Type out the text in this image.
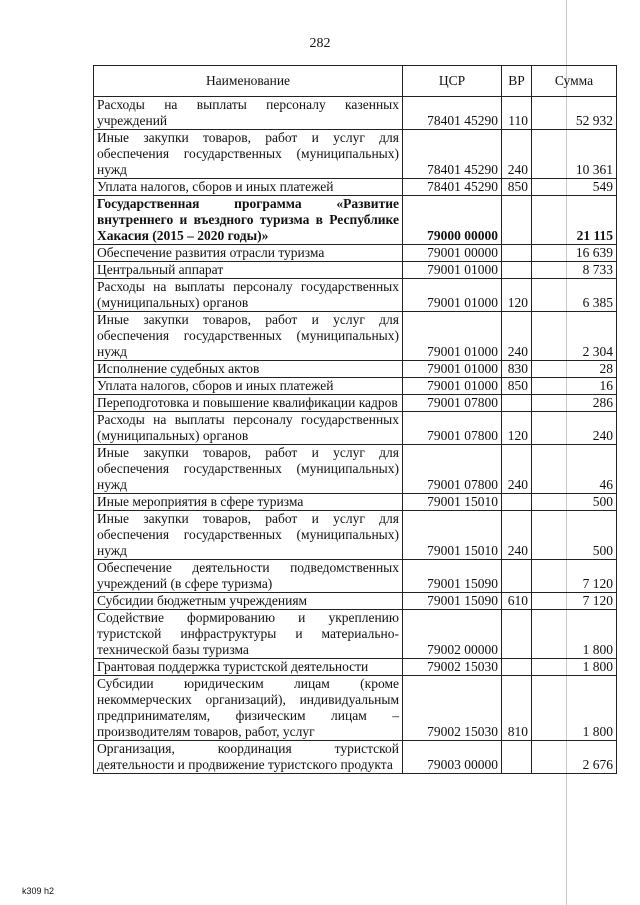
282
Наименование	ЦСР	ВР	Сумма
Расходы на выплаты персоналу казенных учреждений	78401 45290	110	52 932
Иные закупки товаров, работ и услуг для обеспечения государственных (муниципальных) нужд	78401 45290	240	10 361
Уплата налогов, сборов и иных платежей	78401 45290	850	549
Государственная программа «Развитие внутреннего и въездного туризма в Республике Хакасия (2015 – 2020 годы)»	79000 00000		21 115
Обеспечение развития отрасли туризма	79001 00000		16 639
Центральный аппарат	79001 01000		8 733
Расходы на выплаты персоналу государственных (муниципальных) органов	79001 01000	120	6 385
Иные закупки товаров, работ и услуг для обеспечения государственных (муниципальных) нужд	79001 01000	240	2 304
Исполнение судебных актов	79001 01000	830	28
Уплата налогов, сборов и иных платежей	79001 01000	850	16
Переподготовка и повышение квалификации кадров	79001 07800		286
Расходы на выплаты персоналу государственных (муниципальных) органов	79001 07800	120	240
Иные закупки товаров, работ и услуг для обеспечения государственных (муниципальных) нужд	79001 07800	240	46
Иные мероприятия в сфере туризма	79001 15010		500
Иные закупки товаров, работ и услуг для обеспечения государственных (муниципальных) нужд	79001 15010	240	500
Обеспечение деятельности подведомственных учреждений (в сфере туризма)	79001 15090		7 120
Субсидии бюджетным учреждениям	79001 15090	610	7 120
Содействие формированию и укреплению туристской инфраструктуры и материально-технической базы туризма	79002 00000		1 800
Грантовая поддержка туристской деятельности	79002 15030		1 800
Субсидии юридическим лицам (кроме некоммерческих организаций), индивидуальным предпринимателям, физическим лицам – производителям товаров, работ, услуг	79002 15030	810	1 800
Организация, координация туристской деятельности и продвижение туристского продукта	79003 00000		2 676
k309 h2
